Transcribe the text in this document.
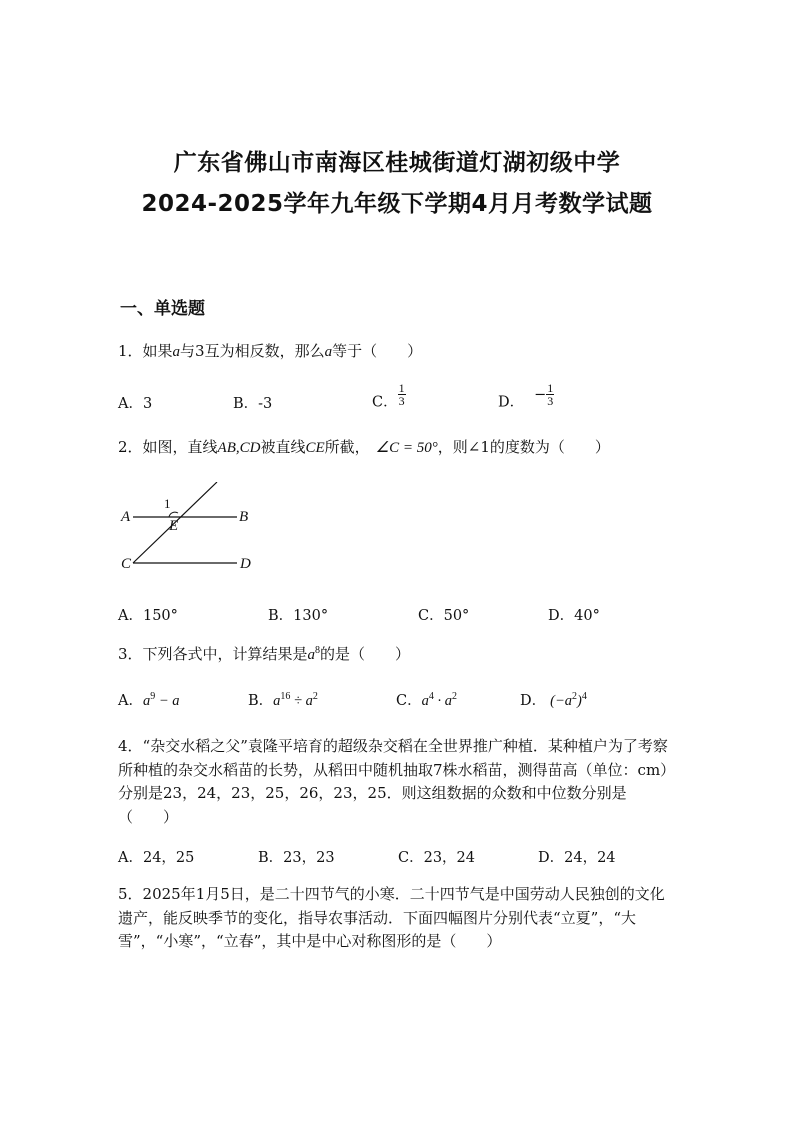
广东省佛山市南海区桂城街道灯湖初级中学
2024-2025学年九年级下学期4月月考数学试题
一、单选题
1．如果a与3互为相反数，那么a等于（　　）
A．3	B．-3	C． $\frac{1}{3}$	D． − $\frac{1}{3}$
2．如图，直线AB,CD被直线CE所截， ∠C = 50°，则∠1的度数为（　　）
A	B
C	D
E
1
A．150°	B．130°	C．50°	D．40°
3．下列各式中，计算结果是$a^8$的是（　　）
A．$a^9 - a$	B．$a^{16} \div a^2$	C．$a^4 \cdot a^2$	D． $(-a^2)^4$
4．“杂交水稻之父”袁隆平培育的超级杂交稻在全世界推广种植．某种植户为了考察所种植的杂交水稻苗的长势，从稻田中随机抽取7株水稻苗，测得苗高（单位：cm）分别是23，24，23，25，26，23，25．则这组数据的众数和中位数分别是（　　）
A．24，25	B．23，23	C．23，24	D．24，24
5．2025年1月5日，是二十四节气的小寒．二十四节气是中国劳动人民独创的文化遗产，能反映季节的变化，指导农事活动．下面四幅图片分别代表“立夏”，“大雪”，“小寒”，“立春”，其中是中心对称图形的是（　　）
